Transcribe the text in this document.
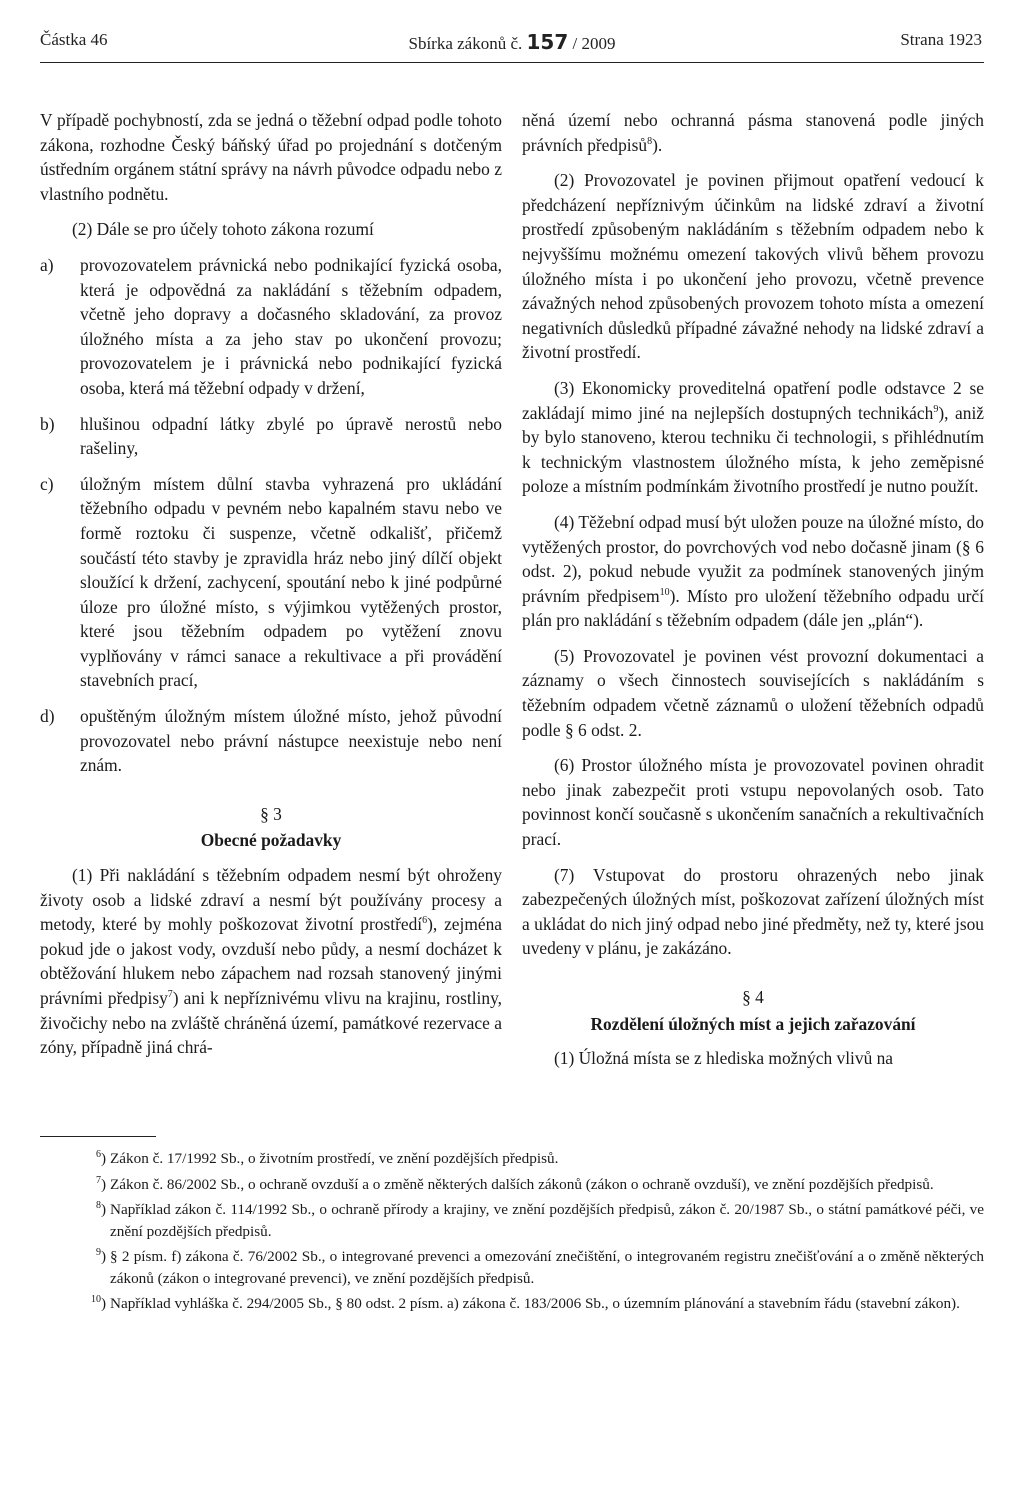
Částka 46	Sbírka zákonů č. 157 / 2009	Strana 1923

V případě pochybností, zda se jedná o těžební odpad podle tohoto zákona, rozhodne Český báňský úřad po projednání s dotčeným ústředním orgánem státní správy na návrh původce odpadu nebo z vlastního podnětu.

(2) Dále se pro účely tohoto zákona rozumí

a)	provozovatelem právnická nebo podnikající fyzická osoba, která je odpovědná za nakládání s těžebním odpadem, včetně jeho dopravy a dočasného skladování, za provoz úložného místa a za jeho stav po ukončení provozu; provozovatelem je i právnická nebo podnikající fyzická osoba, která má těžební odpady v držení,
b)	hlušinou odpadní látky zbylé po úpravě nerostů nebo rašeliny,
c)	úložným místem důlní stavba vyhrazená pro ukládání těžebního odpadu v pevném nebo kapalném stavu nebo ve formě roztoku či suspenze, včetně odkališť, přičemž součástí této stavby je zpravidla hráz nebo jiný dílčí objekt sloužící k držení, zachycení, spoutání nebo k jiné podpůrné úloze pro úložné místo, s výjimkou vytěžených prostor, které jsou těžebním odpadem po vytěžení znovu vyplňovány v rámci sanace a rekultivace a při provádění stavebních prací,
d)	opuštěným úložným místem úložné místo, jehož původní provozovatel nebo právní nástupce neexistuje nebo není znám.
§ 3
Obecné požadavky

(1) Při nakládání s těžebním odpadem nesmí být ohroženy životy osob a lidské zdraví a nesmí být používány procesy a metody, které by mohly poškozovat životní prostředí$^6$), zejména pokud jde o jakost vody, ovzduší nebo půdy, a nesmí docházet k obtěžování hlukem nebo zápachem nad rozsah stanovený jinými právními předpisy$^7$) ani k nepříznivému vlivu na krajinu, rostliny, živočichy nebo na zvláště chráněná území, památkové rezervace a zóny, případně jiná chrá-

něná území nebo ochranná pásma stanovená podle jiných právních předpisů$^8$).

(2) Provozovatel je povinen přijmout opatření vedoucí k předcházení nepříznivým účinkům na lidské zdraví a životní prostředí způsobeným nakládáním s těžebním odpadem nebo k nejvyššímu možnému omezení takových vlivů během provozu úložného místa i po ukončení jeho provozu, včetně prevence závažných nehod způsobených provozem tohoto místa a omezení negativních důsledků případné závažné nehody na lidské zdraví a životní prostředí.

(3) Ekonomicky proveditelná opatření podle odstavce 2 se zakládají mimo jiné na nejlepších dostupných technikách$^9$), aniž by bylo stanoveno, kterou techniku či technologii, s přihlédnutím k technickým vlastnostem úložného místa, k jeho zeměpisné poloze a místním podmínkám životního prostředí je nutno použít.

(4) Těžební odpad musí být uložen pouze na úložné místo, do vytěžených prostor, do povrchových vod nebo dočasně jinam (§ 6 odst. 2), pokud nebude využit za podmínek stanovených jiným právním předpisem$^{10}$). Místo pro uložení těžebního odpadu určí plán pro nakládání s těžebním odpadem (dále jen „plán“).

(5) Provozovatel je povinen vést provozní dokumentaci a záznamy o všech činnostech souvisejících s nakládáním s těžebním odpadem včetně záznamů o uložení těžebních odpadů podle § 6 odst. 2.

(6) Prostor úložného místa je provozovatel povinen ohradit nebo jinak zabezpečit proti vstupu nepovolaných osob. Tato povinnost končí současně s ukončením sanačních a rekultivačních prací.

(7) Vstupovat do prostoru ohrazených nebo jinak zabezpečených úložných míst, poškozovat zařízení úložných míst a ukládat do nich jiný odpad nebo jiné předměty, než ty, které jsou uvedeny v plánu, je zakázáno.

§ 4
Rozdělení úložných míst a jejich zařazování

(1) Úložná místa se z hlediska možných vlivů na

$^6$) Zákon č. 17/1992 Sb., o životním prostředí, ve znění pozdějších předpisů.
$^7$) Zákon č. 86/2002 Sb., o ochraně ovzduší a o změně některých dalších zákonů (zákon o ochraně ovzduší), ve znění pozdějších předpisů.
$^8$) Například zákon č. 114/1992 Sb., o ochraně přírody a krajiny, ve znění pozdějších předpisů, zákon č. 20/1987 Sb., o státní památkové péči, ve znění pozdějších předpisů.
$^9$) § 2 písm. f) zákona č. 76/2002 Sb., o integrované prevenci a omezování znečištění, o integrovaném registru znečišťování a o změně některých zákonů (zákon o integrované prevenci), ve znění pozdějších předpisů.
$^{10}$) Například vyhláška č. 294/2005 Sb., § 80 odst. 2 písm. a) zákona č. 183/2006 Sb., o územním plánování a stavebním řádu (stavební zákon).
